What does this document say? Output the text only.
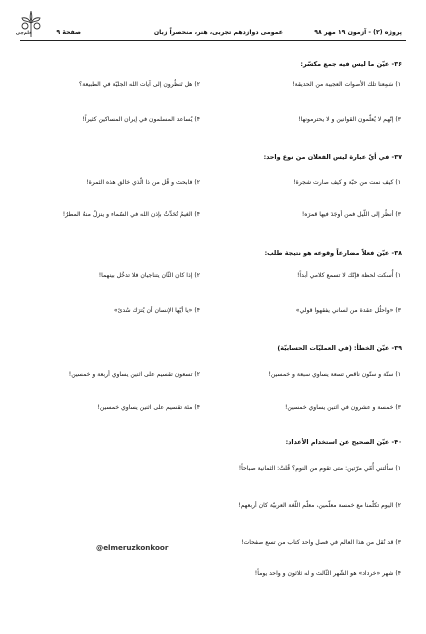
قلم‌چی	پروژه (۲) - آزمون ۱۹ مهر ۹۸
عمومی دوازدهم تجربی، هنر، منحصراً زبان
صفحهٔ ۹
۳۶- عيّن ما ليس فيه جمع مكسّر:
۱) سَمِعنا تلك الأصوات العجيبة من الحديقة!
۲) هل تَنظُرون إلى آيات الله الجليّة في الطبيعة؟
۳) إنّهم لا يُعلّمون القوانين و لا يحترمونها!
۴) يُساعد المسلمون في إيران المساكين كثيراً!
۳۷- في أيّ عبارة ليس الفعلان من نوع واحد:
۱) كيف نمت من حبّة و كيف صارت شجرة!
۲) فابحث و قُل من ذا الّذي خالق هذه الثمرة!
۳) أنظُر إلى اللّيل فمن أوجَدَ فيها قمرَه!
۴) الغيمُ تُحَدِّثُ بإذن الله في السّماء و ينزلُ منهُ المطرُ!
۳۸- عيّن فعلاً مضارعاً وقوعه هو نتيجة طلب:
۱) أُسكت لحظة فإنّك لا تسمع كلامي أبداً!
۲) إذا كان الثّان يتناجيان فلا تدخُل بينهما!
۳) «واحلُل عقدة من لساني يفقهوا قولي»
۴) «يا أيّها الإنسان أن يُترَك سُدىً»
۳۹- عيّن الخطأ: (في العمليّات الحسابيّة)
۱) ستّة و ستّون ناقص تسعة يساوي سبعة و خمسين!
۲) تسعون تقسيم على اثنين يساوي أربعة و خمسين!
۳) خمسة و عشرون في اثنين يساوي خمسين!
۴) مئة تقسيم على اثنين يساوي خمسين!
۴۰- عيّن الصحيح عن استخدام الأعداد:
۱) سألتني أُمّي مرّتين: متى تقوم من النوم؟ قُلتُ: الثمانية صباحاً!
۲) اليوم تكلّمنا مع خمسة معلّمين، معلّم اللّغة العربيّة كان أربعهم!
۳) قد نُقل من هذا العالم في فصل واحد كتاب من تسع صفحات!
۴) شهر «خرداد» هو الشّهر الثّالث و له ثلاثون و واحد يوماً!
@elmeruzkonkoor
